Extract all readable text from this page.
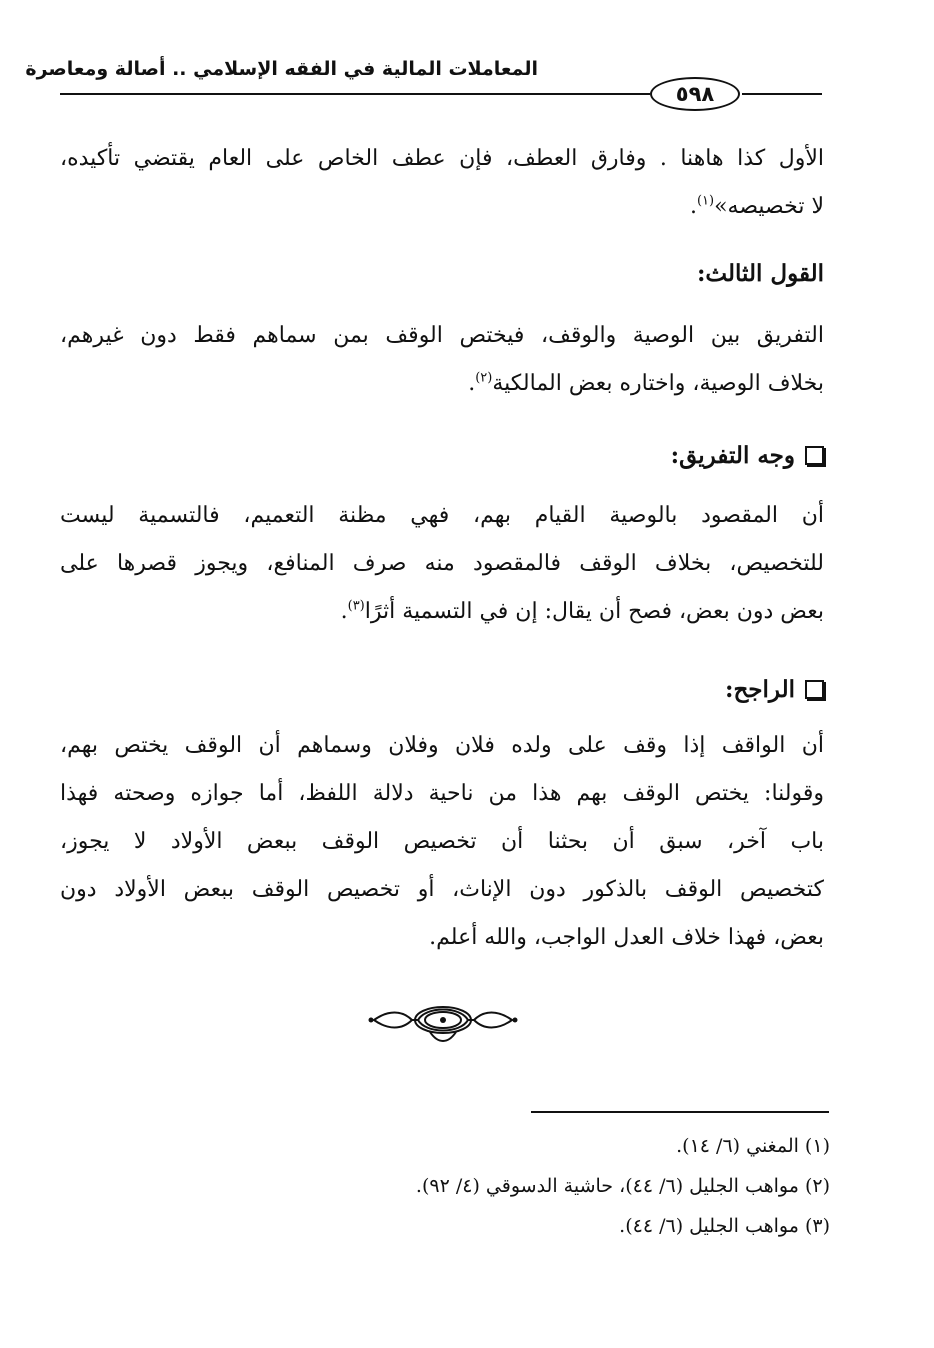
المعاملات المالية في الفقه الإسلامي .. أصالة ومعاصرة
٥٩٨

الأول كذا هاهنا . وفارق العطف، فإن عطف الخاص على العام يقتضي تأكيده،
لا تخصيصه»$^{(١)}$.

القول الثالث:

التفريق بين الوصية والوقف، فيختص الوقف بمن سماهم فقط دون غيرهم،
بخلاف الوصية، واختاره بعض المالكية$^{(٢)}$.

وجه التفريق:

أن المقصود بالوصية القيام بهم، فهي مظنة التعميم، فالتسمية ليست
للتخصيص، بخلاف الوقف فالمقصود منه صرف المنافع، ويجوز قصرها على
بعض دون بعض، فصح أن يقال: إن في التسمية أثرًا$^{(٣)}$.

الراجح:

أن الواقف إذا وقف على ولده فلان وفلان وسماهم أن الوقف يختص بهم،
وقولنا: يختص الوقف بهم هذا من ناحية دلالة اللفظ، أما جوازه وصحته فهذا
باب آخر، سبق أن بحثنا أن تخصيص الوقف ببعض الأولاد لا يجوز،
كتخصيص الوقف بالذكور دون الإناث، أو تخصيص الوقف ببعض الأولاد دون
بعض، فهذا خلاف العدل الواجب، والله أعلم.

(١) المغني (٦/ ١٤).
(٢) مواهب الجليل (٦/ ٤٤)، حاشية الدسوقي (٤/ ٩٢).
(٣) مواهب الجليل (٦/ ٤٤).
